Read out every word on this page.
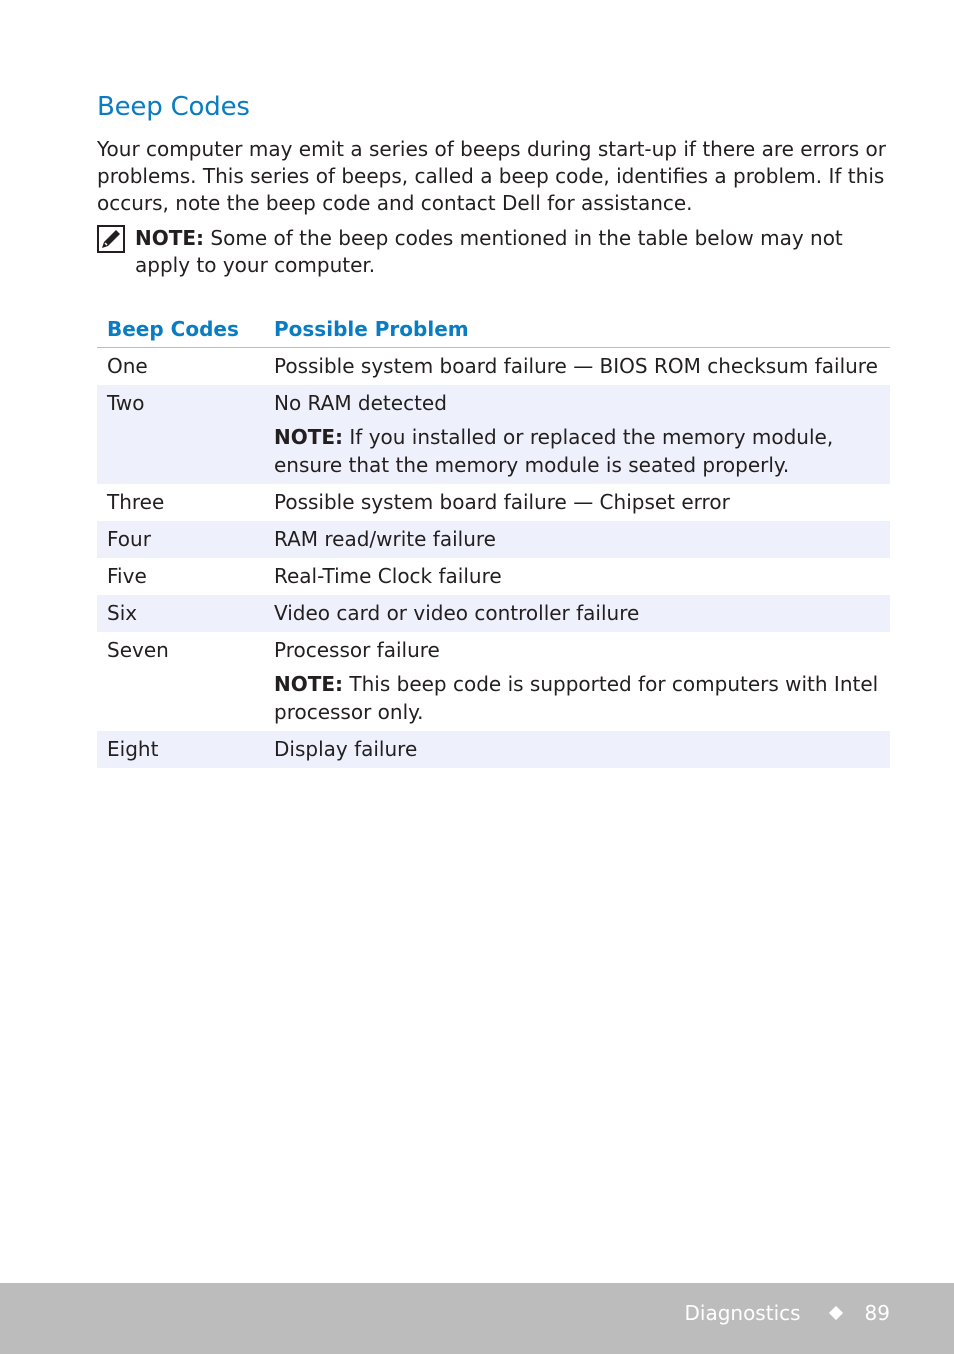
Beep Codes

Your computer may emit a series of beeps during start-up if there are errors or problems. This series of beeps, called a beep code, identifies a problem. If this occurs, note the beep code and contact Dell for assistance.

NOTE: Some of the beep codes mentioned in the table below may not apply to your computer.
Beep Codes	Possible Problem
One	Possible system board failure — BIOS ROM checksum failure

Two	No RAM detected
NOTE: If you installed or replaced the memory module, ensure that the memory module is seated properly.

Three	Possible system board failure — Chipset error

Four	RAM read/write failure

Five	Real-Time Clock failure

Six	Video card or video controller failure

Seven	Processor failure
NOTE: This beep code is supported for computers with Intel processor only.

Eight	Display failure
Diagnostics	89
